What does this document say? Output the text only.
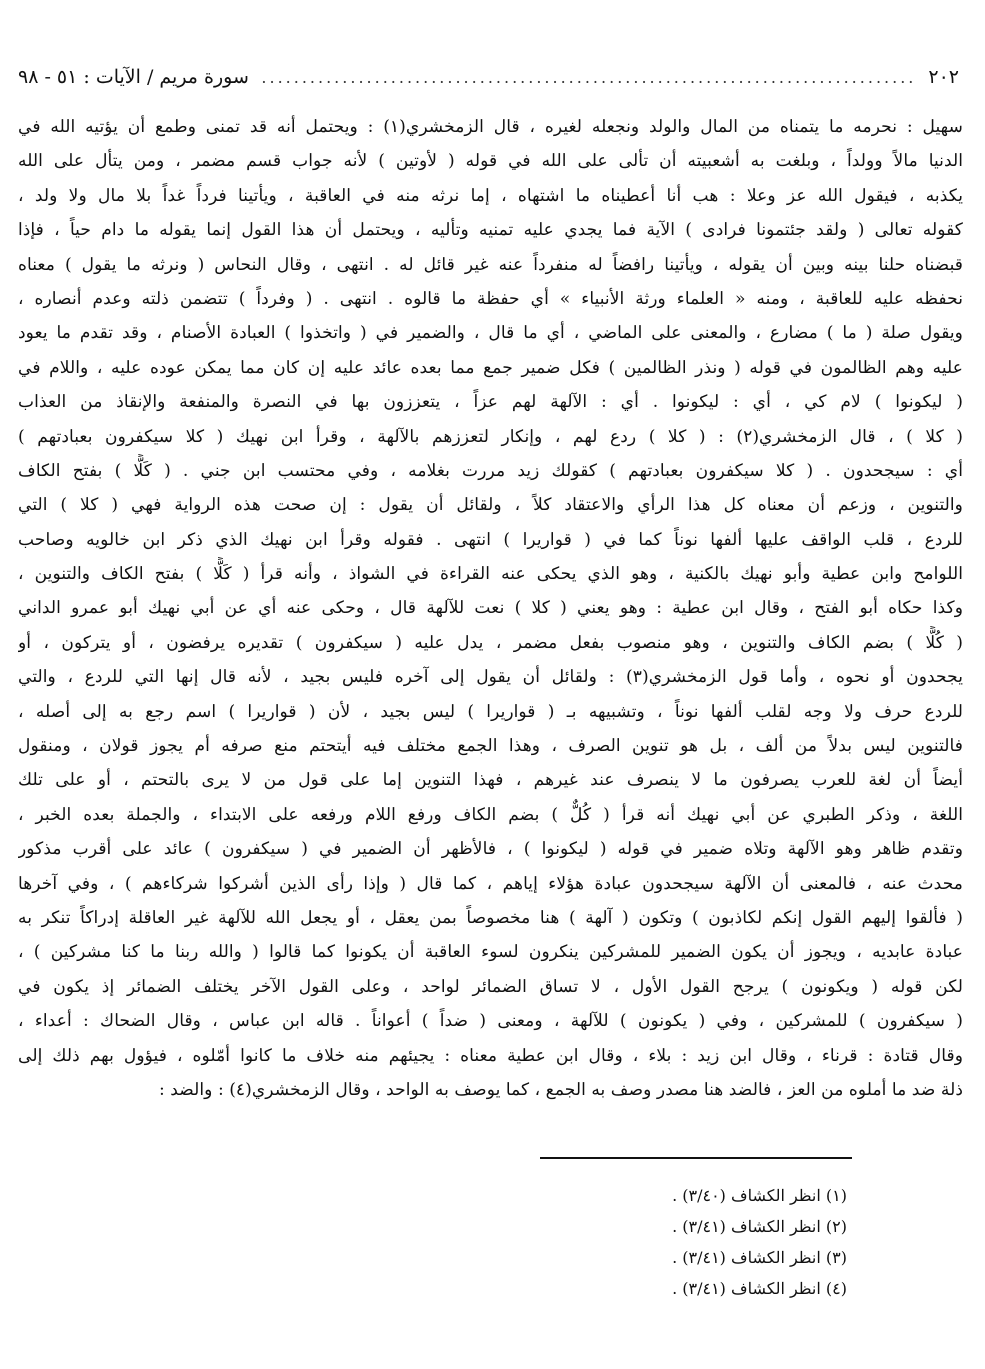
٢٠٢
.....
سورة مريم / الآيات : ٥١ - ٩٨
سهيل : نحرمه ما يتمناه من المال والولد ونجعله لغيره ، قال الزمخشري(١) : ويحتمل أنه قد تمنى وطمع أن يؤتيه الله في
الدنيا مالاً وولداً ، وبلغت به أشعبيته أن تألى على الله في قوله ( لأوتين ) لأنه جواب قسم مضمر ، ومن يتأل على الله
يكذبه ، فيقول الله عز وعلا : هب أنا أعطيناه ما اشتهاه ، إما نرثه منه في العاقبة ، ويأتينا فرداً غداً بلا مال ولا ولد ،
كقوله تعالى ( ولقد جئتمونا فرادى ) الآية فما يجدي عليه تمنيه وتأليه ، ويحتمل أن هذا القول إنما يقوله ما دام حياً ، فإذا
قبضناه حلنا بينه وبين أن يقوله ، ويأتينا رافضاً له منفرداً عنه غير قائل له . انتهى ، وقال النحاس ( ونرثه ما يقول ) معناه
نحفظه عليه للعاقبة ، ومنه « العلماء ورثة الأنبياء » أي حفظة ما قالوه . انتهى . ( وفرداً ) تتضمن ذلته وعدم أنصاره ،
ويقول صلة ( ما ) مضارع ، والمعنى على الماضي ، أي ما قال ، والضمير في ( واتخذوا ) العبادة الأصنام ، وقد تقدم ما يعود
عليه وهم الظالمون في قوله ( ونذر الظالمين ) فكل ضمير جمع مما بعده عائد عليه إن كان مما يمكن عوده عليه ، واللام في
( ليكونوا ) لام كي ، أي : ليكونوا . أي : الآلهة لهم عزاً ، يتعززون بها في النصرة والمنفعة والإنقاذ من العذاب
( كلا ) ، قال الزمخشري(٢) : ( كلا ) ردع لهم ، وإنكار لتعززهم بالآلهة ، وقرأ ابن نهيك ( كلا سيكفرون بعبادتهم )
أي : سيجحدون . ( كلا سيكفرون بعبادتهم ) كقولك زيد مررت بغلامه ، وفي محتسب ابن جني . ( كَلًّا ) بفتح الكاف
والتنوين ، وزعم أن معناه كل هذا الرأي والاعتقاد كلاً ، ولقائل أن يقول : إن صحت هذه الرواية فهي ( كلا ) التي
للردع ، قلب الواقف عليها ألفها نوناً كما في ( قواريرا ) انتهى . فقوله وقرأ ابن نهيك الذي ذكر ابن خالويه وصاحب
اللوامح وابن عطية وأبو نهيك بالكنية ، وهو الذي يحكى عنه القراءة في الشواذ ، وأنه قرأ ( كَلًّا ) بفتح الكاف والتنوين ،
وكذا حكاه أبو الفتح ، وقال ابن عطية : وهو يعني ( كلا ) نعت للآلهة قال ، وحكى عنه أي عن أبي نهيك أبو عمرو الداني
( كُلًّا ) بضم الكاف والتنوين ، وهو منصوب بفعل مضمر ، يدل عليه ( سيكفرون ) تقديره يرفضون ، أو يتركون ، أو
يجحدون أو نحوه ، وأما قول الزمخشري(٣) : ولقائل أن يقول إلى آخره فليس بجيد ، لأنه قال إنها التي للردع ، والتي
للردع حرف ولا وجه لقلب ألفها نوناً ، وتشبيهه بـ ( قواريرا ) ليس بجيد ، لأن ( قواريرا ) اسم رجع به إلى أصله ،
فالتنوين ليس بدلاً من ألف ، بل هو تنوين الصرف ، وهذا الجمع مختلف فيه أيتحتم منع صرفه أم يجوز قولان ، ومنقول
أيضاً أن لغة للعرب يصرفون ما لا ينصرف عند غيرهم ، فهذا التنوين إما على قول من لا يرى بالتحتم ، أو على تلك
اللغة ، وذكر الطبري عن أبي نهيك أنه قرأ ( كُلٌّ ) بضم الكاف ورفع اللام ورفعه على الابتداء ، والجملة بعده الخبر ،
وتقدم ظاهر وهو الآلهة وتلاه ضمير في قوله ( ليكونوا ) ، فالأظهر أن الضمير في ( سيكفرون ) عائد على أقرب مذكور
محدث عنه ، فالمعنى أن الآلهة سيجحدون عبادة هؤلاء إياهم ، كما قال ( وإذا رأى الذين أشركوا شركاءهم ) ، وفي آخرها
( فألقوا إليهم القول إنكم لكاذبون ) وتكون ( آلهة ) هنا مخصوصاً بمن يعقل ، أو يجعل الله للآلهة غير العاقلة إدراكاً تنكر به
عبادة عابديه ، ويجوز أن يكون الضمير للمشركين ينكرون لسوء العاقبة أن يكونوا كما قالوا ( والله ربنا ما كنا مشركين ) ،
لكن قوله ( ويكونون ) يرجح القول الأول ، لا تساق الضمائر لواحد ، وعلى القول الآخر يختلف الضمائر إذ يكون في
( سيكفرون ) للمشركين ، وفي ( يكونون ) للآلهة ، ومعنى ( ضداً ) أعواناً . قاله ابن عباس ، وقال الضحاك : أعداء ،
وقال قتادة : قرناء ، وقال ابن زيد : بلاء ، وقال ابن عطية معناه : يجيئهم منه خلاف ما كانوا أمّلوه ، فيؤول بهم ذلك إلى
ذلة ضد ما أملوه من العز ، فالضد هنا مصدر وصف به الجمع ، كما يوصف به الواحد ، وقال الزمخشري(٤) : والضد :
(١) انظر الكشاف (٣/٤٠) .
(٢) انظر الكشاف (٣/٤١) .
(٣) انظر الكشاف (٣/٤١) .
(٤) انظر الكشاف (٣/٤١) .
